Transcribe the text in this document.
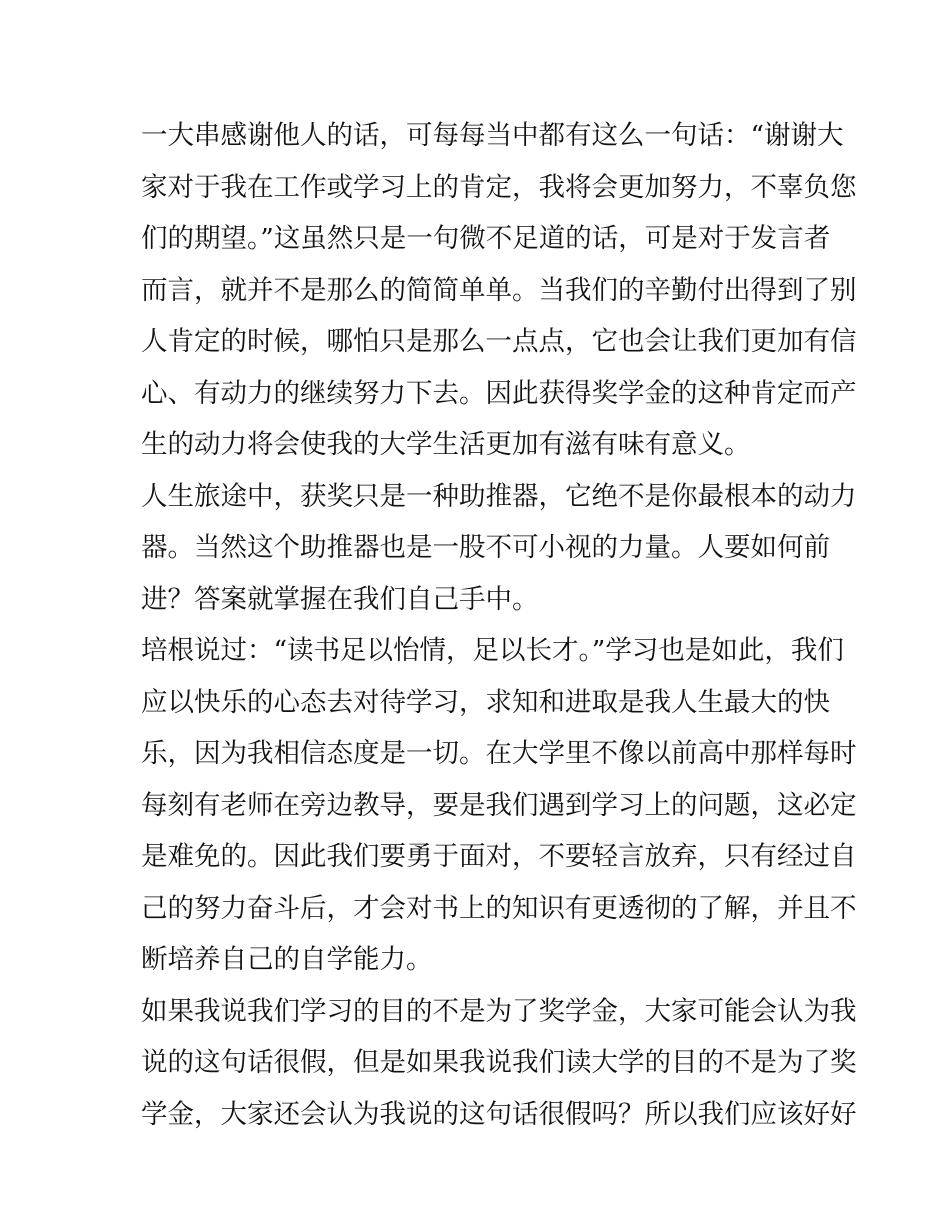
一大串感谢他人的话，可每每当中都有这么一句话：“谢谢大
家对于我在工作或学习上的肯定，我将会更加努力，不辜负您
们的期望。”这虽然只是一句微不足道的话，可是对于发言者
而言，就并不是那么的简简单单。当我们的辛勤付出得到了别
人肯定的时候，哪怕只是那么一点点，它也会让我们更加有信
心、有动力的继续努力下去。因此获得奖学金的这种肯定而产
生的动力将会使我的大学生活更加有滋有味有意义。
人生旅途中，获奖只是一种助推器，它绝不是你最根本的动力
器。当然这个助推器也是一股不可小视的力量。人要如何前
进？答案就掌握在我们自己手中。
培根说过：“读书足以怡情，足以长才。”学习也是如此，我们
应以快乐的心态去对待学习，求知和进取是我人生最大的快
乐，因为我相信态度是一切。在大学里不像以前高中那样每时
每刻有老师在旁边教导，要是我们遇到学习上的问题，这必定
是难免的。因此我们要勇于面对，不要轻言放弃，只有经过自
己的努力奋斗后，才会对书上的知识有更透彻的了解，并且不
断培养自己的自学能力。
如果我说我们学习的目的不是为了奖学金，大家可能会认为我
说的这句话很假，但是如果我说我们读大学的目的不是为了奖
学金，大家还会认为我说的这句话很假吗？所以我们应该好好
